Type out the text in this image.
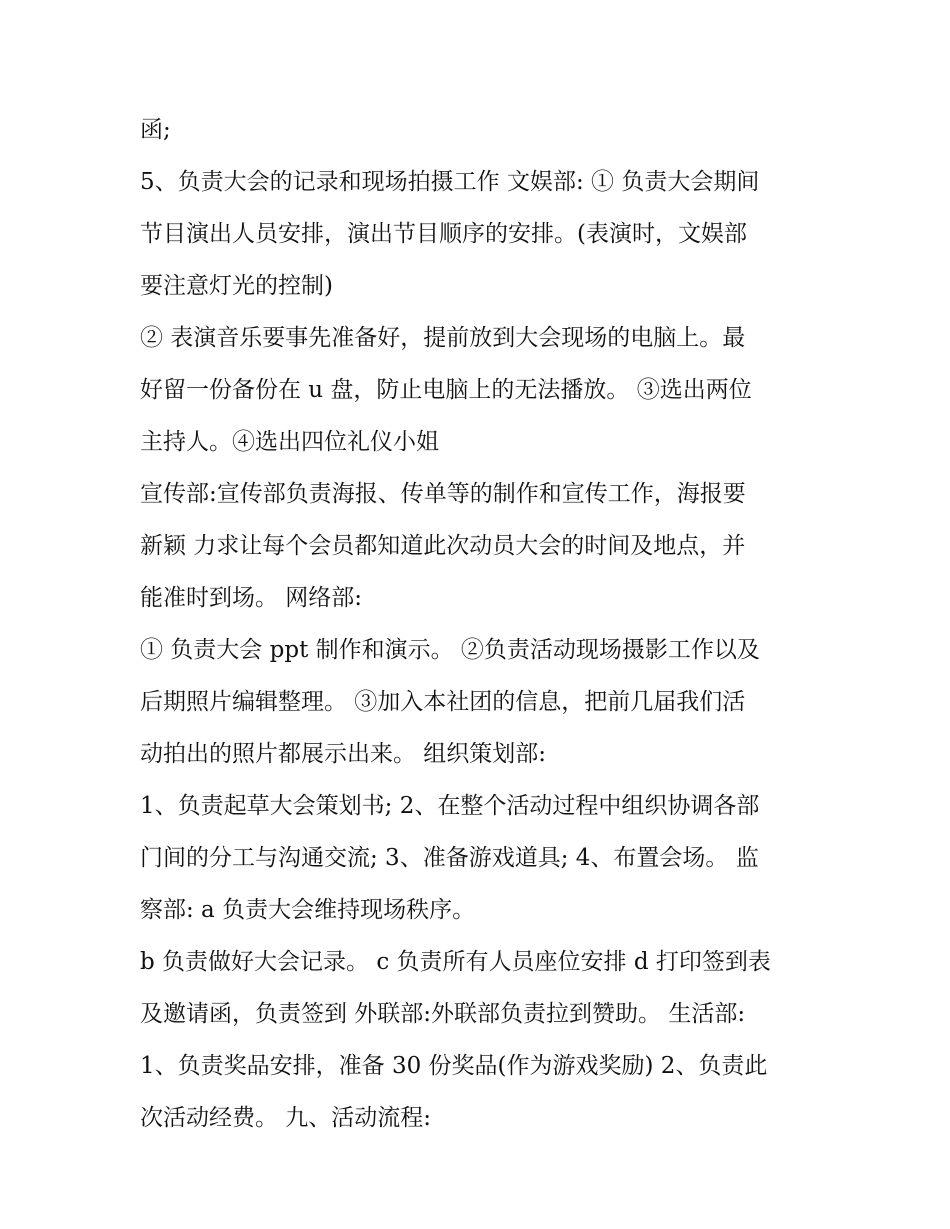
函;
5、负责大会的记录和现场拍摄工作 文娱部: ① 负责大会期间
节目演出人员安排，演出节目顺序的安排。(表演时，文娱部
要注意灯光的控制)
② 表演音乐要事先准备好，提前放到大会现场的电脑上。最
好留一份备份在 u 盘，防止电脑上的无法播放。 ③选出两位
主持人。④选出四位礼仪小姐
宣传部:宣传部负责海报、传单等的制作和宣传工作，海报要
新颖 力求让每个会员都知道此次动员大会的时间及地点，并
能准时到场。 网络部:
① 负责大会 ppt 制作和演示。 ②负责活动现场摄影工作以及
后期照片编辑整理。 ③加入本社团的信息，把前几届我们活
动拍出的照片都展示出来。 组织策划部:
1、负责起草大会策划书; 2、在整个活动过程中组织协调各部
门间的分工与沟通交流; 3、准备游戏道具; 4、布置会场。 监
察部: a 负责大会维持现场秩序。
b 负责做好大会记录。 c 负责所有人员座位安排 d 打印签到表
及邀请函，负责签到 外联部:外联部负责拉到赞助。 生活部:
1、负责奖品安排，准备 30 份奖品(作为游戏奖励) 2、负责此
次活动经费。 九、活动流程:
